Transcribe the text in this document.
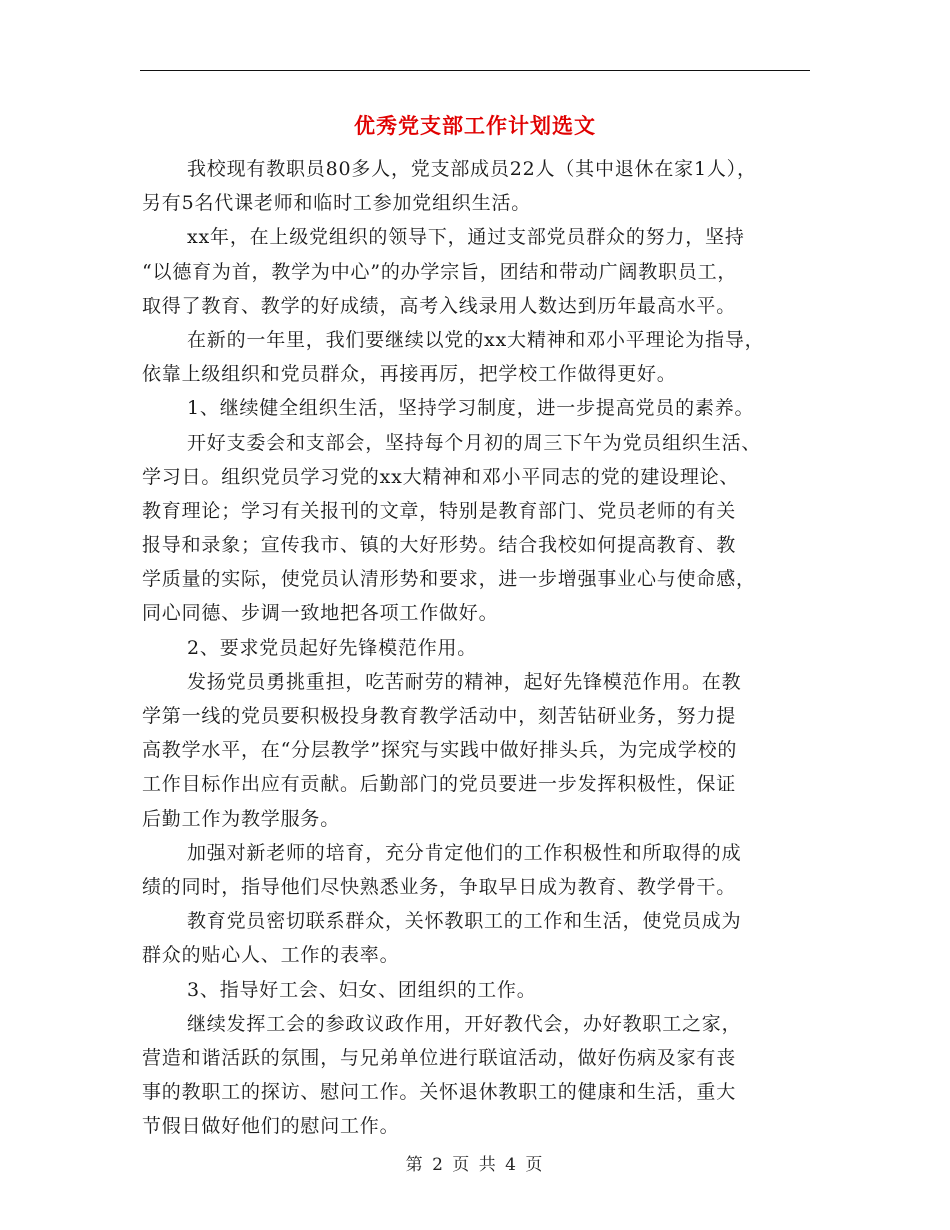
优秀党支部工作计划选文
我校现有教职员80多人，党支部成员22人（其中退休在家1人），
另有5名代课老师和临时工参加党组织生活。
xx年，在上级党组织的领导下，通过支部党员群众的努力，坚持
“以德育为首，教学为中心”的办学宗旨，团结和带动广阔教职员工，
取得了教育、教学的好成绩，高考入线录用人数达到历年最高水平。
在新的一年里，我们要继续以党的xx大精神和邓小平理论为指导，
依靠上级组织和党员群众，再接再厉，把学校工作做得更好。
1、继续健全组织生活，坚持学习制度，进一步提高党员的素养。
开好支委会和支部会，坚持每个月初的周三下午为党员组织生活、
学习日。组织党员学习党的xx大精神和邓小平同志的党的建设理论、
教育理论；学习有关报刊的文章，特别是教育部门、党员老师的有关
报导和录象；宣传我市、镇的大好形势。结合我校如何提高教育、教
学质量的实际，使党员认清形势和要求，进一步增强事业心与使命感，
同心同德、步调一致地把各项工作做好。
2、要求党员起好先锋模范作用。
发扬党员勇挑重担，吃苦耐劳的精神，起好先锋模范作用。在教
学第一线的党员要积极投身教育教学活动中，刻苦钻研业务，努力提
高教学水平，在“分层教学”探究与实践中做好排头兵，为完成学校的
工作目标作出应有贡献。后勤部门的党员要进一步发挥积极性，保证
后勤工作为教学服务。
加强对新老师的培育，充分肯定他们的工作积极性和所取得的成
绩的同时，指导他们尽快熟悉业务，争取早日成为教育、教学骨干。
教育党员密切联系群众，关怀教职工的工作和生活，使党员成为
群众的贴心人、工作的表率。
3、指导好工会、妇女、团组织的工作。
继续发挥工会的参政议政作用，开好教代会，办好教职工之家，
营造和谐活跃的氛围，与兄弟单位进行联谊活动，做好伤病及家有丧
事的教职工的探访、慰问工作。关怀退休教职工的健康和生活，重大
节假日做好他们的慰问工作。
第 2 页 共 4 页
